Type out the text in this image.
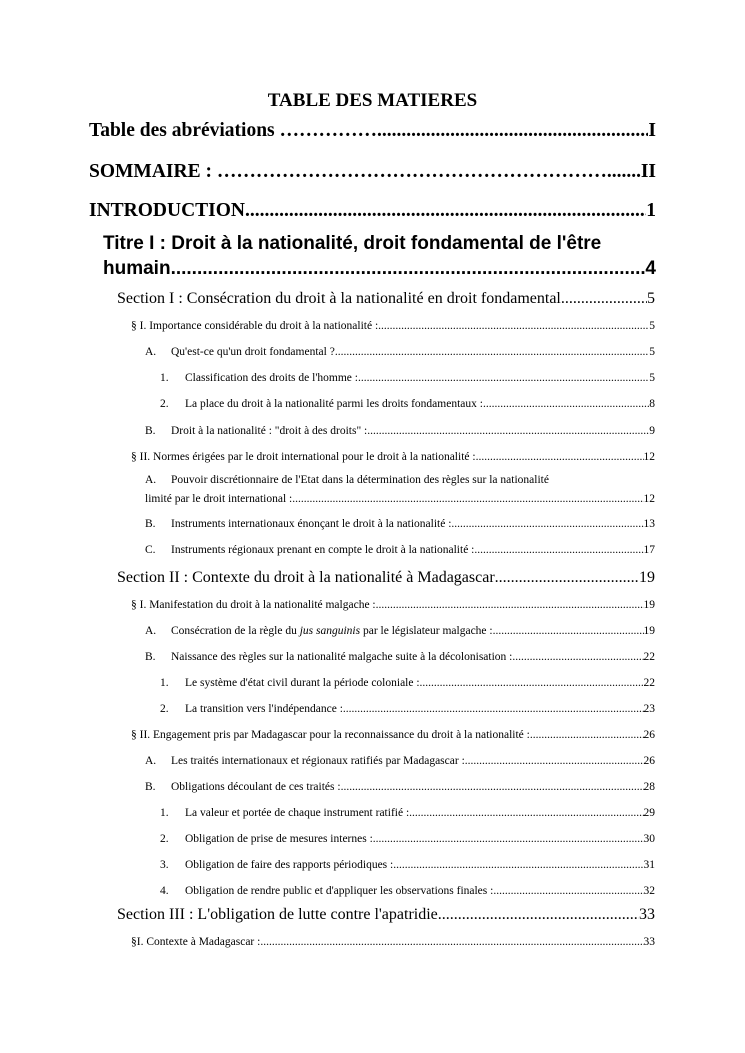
TABLE DES MATIERES
Table des abréviations …………… .....	I
SOMMAIRE : …………………………………………………… ..... II
INTRODUCTION .....	1
Titre I : Droit à la nationalité, droit fondamental de l'être
humain .....	4
Section I : Consécration du droit à la nationalité en droit fondamental .....	5
§ I. Importance considérable du droit à la nationalité : .....	5
A. Qu'est-ce qu'un droit fondamental ? .....	5
1. Classification des droits de l'homme : .....	5
2. La place du droit à la nationalité parmi les droits fondamentaux : .....	8
B. Droit à la nationalité : "droit à des droits" : .....	9
§ II. Normes érigées par le droit international pour le droit à la nationalité : .....	12
A. Pouvoir discrétionnaire de l'Etat dans la détermination des règles sur la nationalité
limité par le droit international : .....	12
B. Instruments internationaux énonçant le droit à la nationalité : .....	13
C. Instruments régionaux prenant en compte le droit à la nationalité : .....	17
Section II : Contexte du droit à la nationalité à Madagascar .....	19
§ I. Manifestation du droit à la nationalité malgache : .....	19
A. Consécration de la règle du jus sanguinis par le législateur malgache : .....	19
B. Naissance des règles sur la nationalité malgache suite à la décolonisation : .....	22
1. Le système d'état civil durant la période coloniale : .....	22
2. La transition vers l'indépendance : .....	23
§ II. Engagement pris par Madagascar pour la reconnaissance du droit à la nationalité : .....	26
A. Les traités internationaux et régionaux ratifiés par Madagascar : .....	26
B. Obligations découlant de ces traités : .....	28
1. La valeur et portée de chaque instrument ratifié : .....	29
2. Obligation de prise de mesures internes : .....	30
3. Obligation de faire des rapports périodiques : .....	31
4. Obligation de rendre public et d'appliquer les observations finales : .....	32
Section III : L'obligation de lutte contre l'apatridie .....	33
§I. Contexte à Madagascar : .....	33
